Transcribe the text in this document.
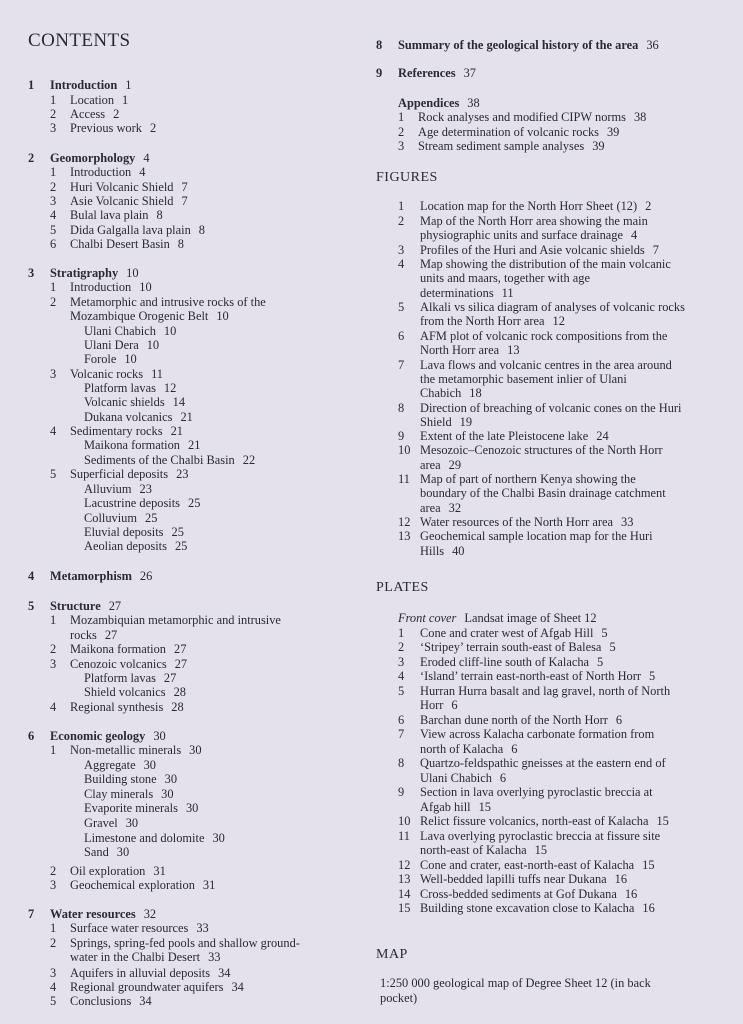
CONTENTS
1 Introduction 1
1 Location 1
2 Access 2
3 Previous work 2
2 Geomorphology 4
1 Introduction 4
2 Huri Volcanic Shield 7
3 Asie Volcanic Shield 7
4 Bulal lava plain 8
5 Dida Galgalla lava plain 8
6 Chalbi Desert Basin 8
3 Stratigraphy 10
1 Introduction 10
2 Metamorphic and intrusive rocks of the
Mozambique Orogenic Belt 10
Ulani Chabich 10
Ulani Dera 10
Forole 10
3 Volcanic rocks 11
Platform lavas 12
Volcanic shields 14
Dukana volcanics 21
4 Sedimentary rocks 21
Maikona formation 21
Sediments of the Chalbi Basin 22
5 Superficial deposits 23
Alluvium 23
Lacustrine deposits 25
Colluvium 25
Eluvial deposits 25
Aeolian deposits 25
4 Metamorphism 26
5 Structure 27
1 Mozambiquian metamorphic and intrusive
rocks 27
2 Maikona formation 27
3 Cenozoic volcanics 27
Platform lavas 27
Shield volcanics 28
4 Regional synthesis 28
6 Economic geology 30
1 Non-metallic minerals 30
Aggregate 30
Building stone 30
Clay minerals 30
Evaporite minerals 30
Gravel 30
Limestone and dolomite 30
Sand 30
2 Oil exploration 31
3 Geochemical exploration 31
7 Water resources 32
1 Surface water resources 33
2 Springs, spring-fed pools and shallow ground-
water in the Chalbi Desert 33
3 Aquifers in alluvial deposits 34
4 Regional groundwater aquifers 34
5 Conclusions 34
8 Summary of the geological history of the area 36
9 References 37
Appendices 38
1 Rock analyses and modified CIPW norms 38
2 Age determination of volcanic rocks 39
3 Stream sediment sample analyses 39
FIGURES
1 Location map for the North Horr Sheet (12) 2
2 Map of the North Horr area showing the main
physiographic units and surface drainage 4
3 Profiles of the Huri and Asie volcanic shields 7
4 Map showing the distribution of the main volcanic
units and maars, together with age
determinations 11
5 Alkali vs silica diagram of analyses of volcanic rocks
from the North Horr area 12
6 AFM plot of volcanic rock compositions from the
North Horr area 13
7 Lava flows and volcanic centres in the area around
the metamorphic basement inlier of Ulani
Chabich 18
8 Direction of breaching of volcanic cones on the Huri
Shield 19
9 Extent of the late Pleistocene lake 24
10 Mesozoic–Cenozoic structures of the North Horr
area 29
11 Map of part of northern Kenya showing the
boundary of the Chalbi Basin drainage catchment
area 32
12 Water resources of the North Horr area 33
13 Geochemical sample location map for the Huri
Hills 40
PLATES
Front cover Landsat image of Sheet 12
1 Cone and crater west of Afgab Hill 5
2 ‘Stripey’ terrain south-east of Balesa 5
3 Eroded cliff-line south of Kalacha 5
4 ‘Island’ terrain east-north-east of North Horr 5
5 Hurran Hurra basalt and lag gravel, north of North
Horr 6
6 Barchan dune north of the North Horr 6
7 View across Kalacha carbonate formation from
north of Kalacha 6
8 Quartzo-feldspathic gneisses at the eastern end of
Ulani Chabich 6
9 Section in lava overlying pyroclastic breccia at
Afgab hill 15
10 Relict fissure volcanics, north-east of Kalacha 15
11 Lava overlying pyroclastic breccia at fissure site
north-east of Kalacha 15
12 Cone and crater, east-north-east of Kalacha 15
13 Well-bedded lapilli tuffs near Dukana 16
14 Cross-bedded sediments at Gof Dukana 16
15 Building stone excavation close to Kalacha 16
MAP
1:250 000 geological map of Degree Sheet 12 (in back
pocket)
